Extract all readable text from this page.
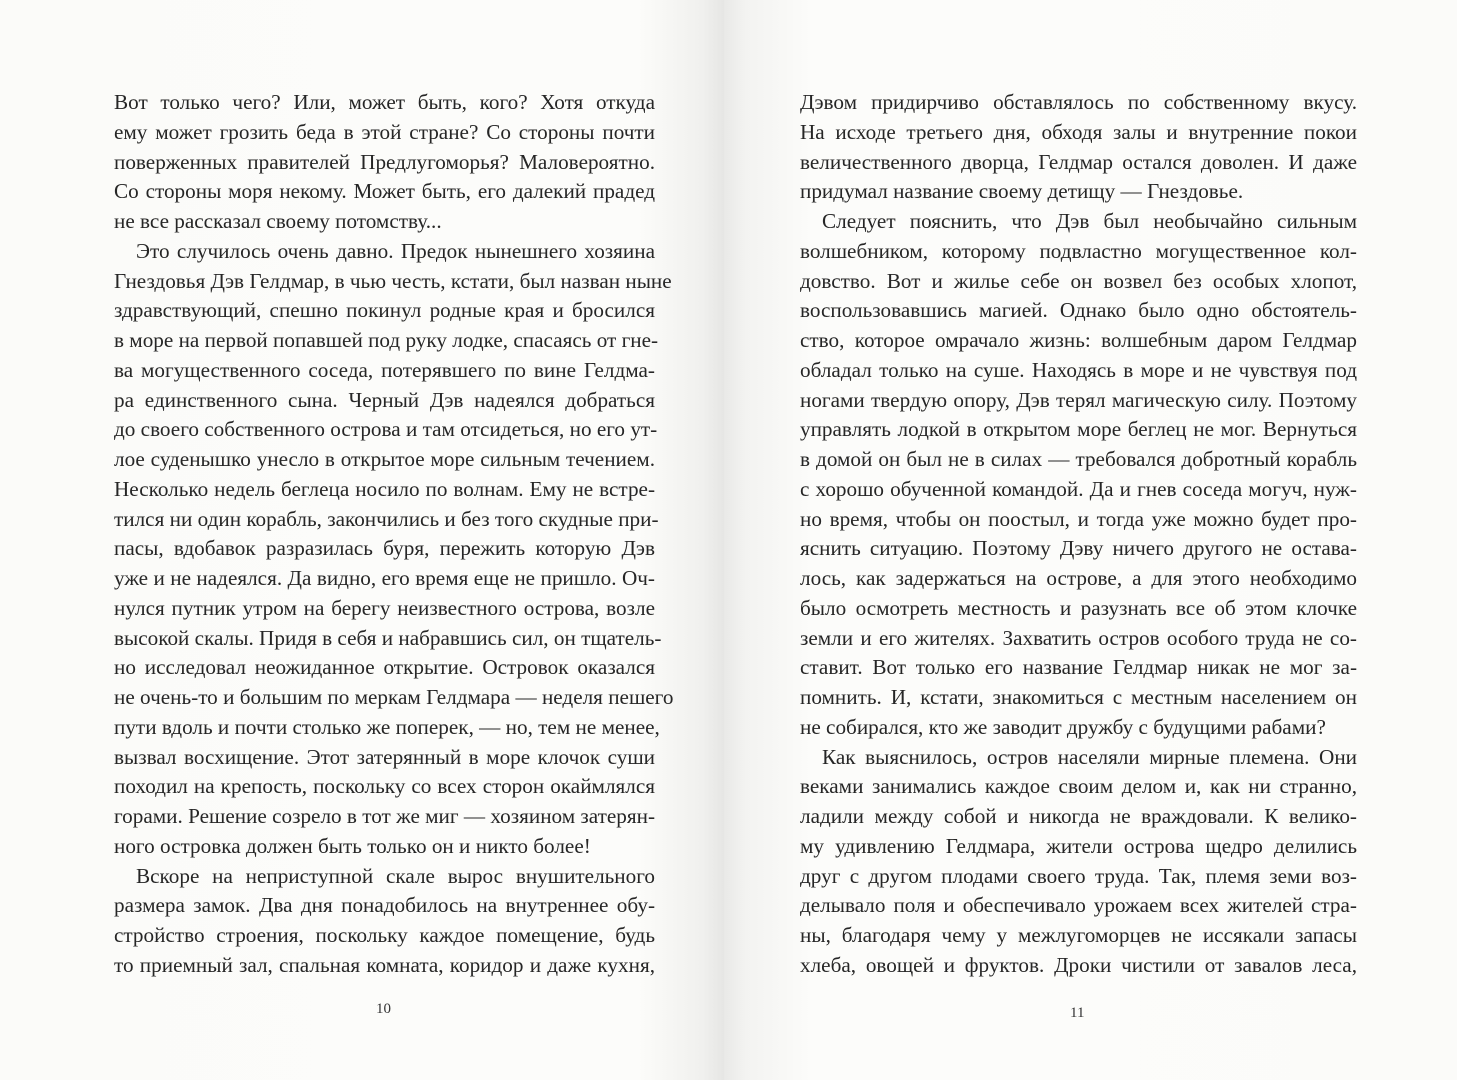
Вот только чего? Или, может быть, кого? Хотя откуда
ему может грозить беда в этой стране? Со стороны почти
поверженных правителей Предлугоморья? Маловероятно.
Со стороны моря некому. Может быть, его далекий прадед
не все рассказал своему потомству...
Это случилось очень давно. Предок нынешнего хозяина
Гнездовья Дэв Гелдмар, в чью честь, кстати, был назван ныне
здравствующий, спешно покинул родные края и бросился
в море на первой попавшей под руку лодке, спасаясь от гне-
ва могущественного соседа, потерявшего по вине Гелдма-
ра единственного сына. Черный Дэв надеялся добраться
до своего собственного острова и там отсидеться, но его ут-
лое суденышко унесло в открытое море сильным течением.
Несколько недель беглеца носило по волнам. Ему не встре-
тился ни один корабль, закончились и без того скудные при-
пасы, вдобавок разразилась буря, пережить которую Дэв
уже и не надеялся. Да видно, его время еще не пришло. Оч-
нулся путник утром на берегу неизвестного острова, возле
высокой скалы. Придя в себя и набравшись сил, он тщатель-
но исследовал неожиданное открытие. Островок оказался
не очень-то и большим по меркам Гелдмара — неделя пешего
пути вдоль и почти столько же поперек, — но, тем не менее,
вызвал восхищение. Этот затерянный в море клочок суши
походил на крепость, поскольку со всех сторон окаймлялся
горами. Решение созрело в тот же миг — хозяином затерян-
ного островка должен быть только он и никто более!
Вскоре на неприступной скале вырос внушительного
размера замок. Два дня понадобилось на внутреннее обу-
стройство строения, поскольку каждое помещение, будь
то приемный зал, спальная комната, коридор и даже кухня,
10
Дэвом придирчиво обставлялось по собственному вкусу.
На исходе третьего дня, обходя залы и внутренние покои
величественного дворца, Гелдмар остался доволен. И даже
придумал название своему детищу — Гнездовье.
Следует пояснить, что Дэв был необычайно сильным
волшебником, которому подвластно могущественное кол-
довство. Вот и жилье себе он возвел без особых хлопот,
воспользовавшись магией. Однако было одно обстоятель-
ство, которое омрачало жизнь: волшебным даром Гелдмар
обладал только на суше. Находясь в море и не чувствуя под
ногами твердую опору, Дэв терял магическую силу. Поэтому
управлять лодкой в открытом море беглец не мог. Вернуться
в домой он был не в силах — требовался добротный корабль
с хорошо обученной командой. Да и гнев соседа могуч, нуж-
но время, чтобы он поостыл, и тогда уже можно будет про-
яснить ситуацию. Поэтому Дэву ничего другого не остава-
лось, как задержаться на острове, а для этого необходимо
было осмотреть местность и разузнать все об этом клочке
земли и его жителях. Захватить остров особого труда не со-
ставит. Вот только его название Гелдмар никак не мог за-
помнить. И, кстати, знакомиться с местным населением он
не собирался, кто же заводит дружбу с будущими рабами?
Как выяснилось, остров населяли мирные племена. Они
веками занимались каждое своим делом и, как ни странно,
ладили между собой и никогда не враждовали. К велико-
му удивлению Гелдмара, жители острова щедро делились
друг с другом плодами своего труда. Так, племя земи воз-
делывало поля и обеспечивало урожаем всех жителей стра-
ны, благодаря чему у межлугоморцев не иссякали запасы
хлеба, овощей и фруктов. Дроки чистили от завалов леса,
11
